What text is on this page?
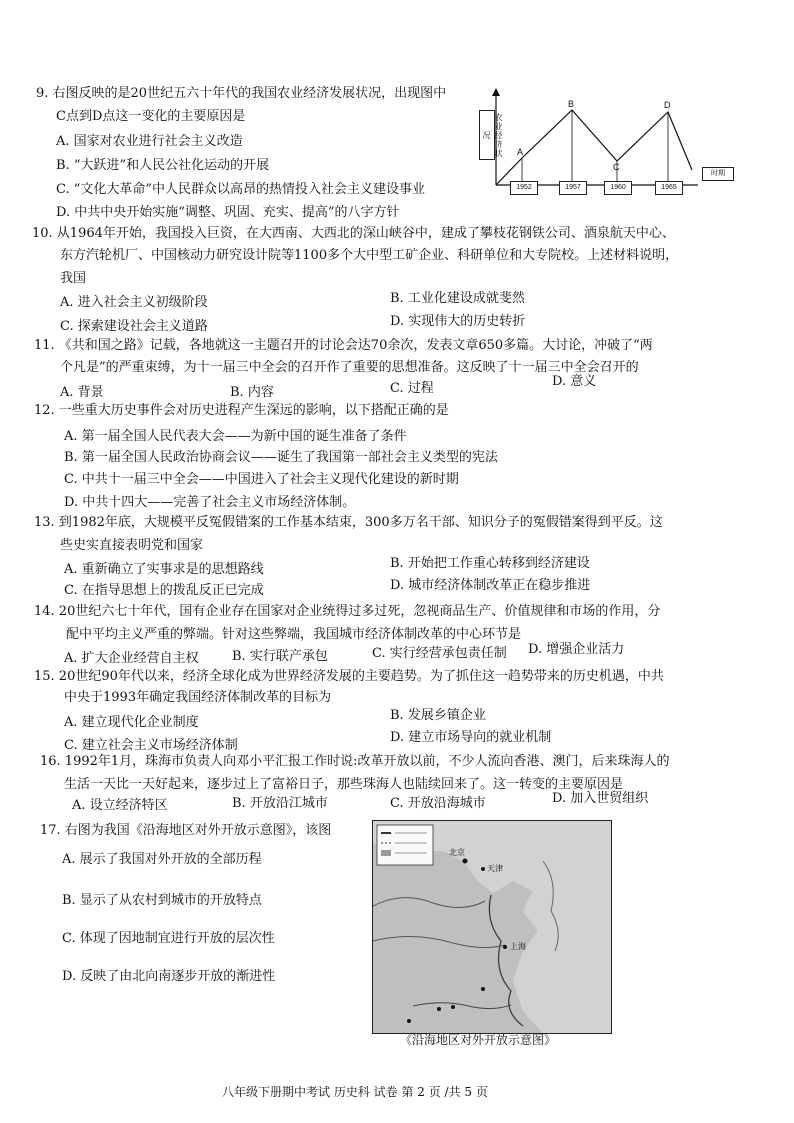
9. 右图反映的是20世纪五六十年代的我国农业经济发展状况，出现图中
C点到D点这一变化的主要原因是
A. 国家对农业进行社会主义改造
B. “大跃进”和人民公社化运动的开展
C. “文化大革命”中人民群众以高昂的热情投入社会主义建设事业
D. 中共中央开始实施“调整、巩固、充实、提高”的八字方针
农业经济状况
A
B
C
D
1952	1957	1960	1965
时期
10. 从1964年开始，我国投入巨资，在大西南、大西北的深山峡谷中，建成了攀枝花钢铁公司、酒泉航天中心、
东方汽轮机厂、中国核动力研究设计院等1100多个大中型工矿企业、科研单位和大专院校。上述材料说明，
我国
A. 进入社会主义初级阶段	B. 工业化建设成就斐然
C. 探索建设社会主义道路	D. 实现伟大的历史转折
11. 《共和国之路》记载，各地就这一主题召开的讨论会达70余次，发表文章650多篇。大讨论，冲破了“两
个凡是”的严重束缚，为十一届三中全会的召开作了重要的思想准备。这反映了十一届三中全会召开的
A. 背景	B. 内容	C. 过程	D. 意义
12. 一些重大历史事件会对历史进程产生深远的影响，以下搭配正确的是
A. 第一届全国人民代表大会——为新中国的诞生准备了条件
B. 第一届全国人民政治协商会议——诞生了我国第一部社会主义类型的宪法
C. 中共十一届三中全会——中国进入了社会主义现代化建设的新时期
D. 中共十四大——完善了社会主义市场经济体制。
13. 到1982年底，大规模平反冤假错案的工作基本结束，300多万名干部、知识分子的冤假错案得到平反。这
些史实直接表明党和国家
A. 重新确立了实事求是的思想路线	B. 开始把工作重心转移到经济建设
C. 在指导思想上的拨乱反正已完成	D. 城市经济体制改革正在稳步推进
14. 20世纪六七十年代，国有企业存在国家对企业统得过多过死，忽视商品生产、价值规律和市场的作用，分
配中平均主义严重的弊端。针对这些弊端，我国城市经济体制改革的中心环节是
A. 扩大企业经营自主权	B. 实行联产承包	C. 实行经营承包责任制 D. 增强企业活力
15. 20世纪90年代以来，经济全球化成为世界经济发展的主要趋势。为了抓住这一趋势带来的历史机遇，中共
中央于1993年确定我国经济体制改革的目标为
A. 建立现代化企业制度	B. 发展乡镇企业
C. 建立社会主义市场经济体制
D. 建立市场导向的就业机制
16. 1992年1月，珠海市负责人向邓小平汇报工作时说:改革开放以前，不少人流向香港、澳门，后来珠海人的
生活一天比一天好起来，逐步过上了富裕日子，那些珠海人也陆续回来了。这一转变的主要原因是
A. 设立经济特区	B. 开放沿江城市	C. 开放沿海城市	D. 加入世贸组织
17. 右图为我国《沿海地区对外开放示意图》，该图
A. 展示了我国对外开放的全部历程
B. 显示了从农村到城市的开放特点
C. 体现了因地制宜进行开放的层次性
D. 反映了由北向南逐步开放的渐进性
北京
天津
上海
《沿海地区对外开放示意图》
八年级下册期中考试 历史科 试卷 第 2 页 /共 5 页
